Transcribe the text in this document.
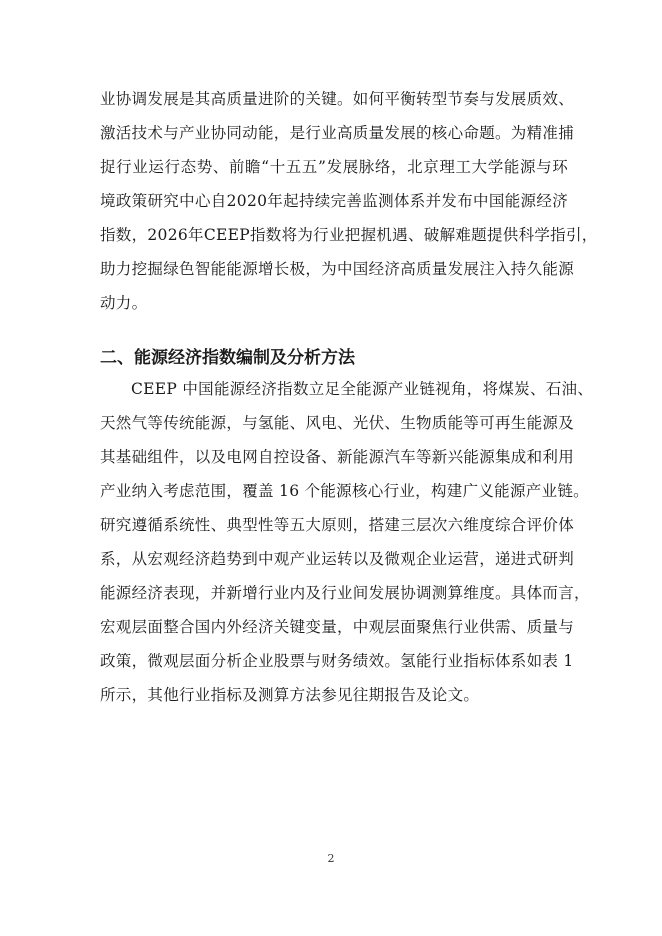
业协调发展是其高质量进阶的关键。如何平衡转型节奏与发展质效、
激活技术与产业协同动能，是行业高质量发展的核心命题。为精准捕
捉行业运行态势、前瞻“十五五”发展脉络，北京理工大学能源与环
境政策研究中心自2020年起持续完善监测体系并发布中国能源经济
指数，2026年CEEP指数将为行业把握机遇、破解难题提供科学指引，
助力挖掘绿色智能能源增长极，为中国经济高质量发展注入持久能源
动力。
二、能源经济指数编制及分析方法
CEEP 中国能源经济指数立足全能源产业链视角，将煤炭、石油、
天然气等传统能源，与氢能、风电、光伏、生物质能等可再生能源及
其基础组件，以及电网自控设备、新能源汽车等新兴能源集成和利用
产业纳入考虑范围，覆盖 16 个能源核心行业，构建广义能源产业链。
研究遵循系统性、典型性等五大原则，搭建三层次六维度综合评价体
系，从宏观经济趋势到中观产业运转以及微观企业运营，递进式研判
能源经济表现，并新增行业内及行业间发展协调测算维度。具体而言，
宏观层面整合国内外经济关键变量，中观层面聚焦行业供需、质量与
政策，微观层面分析企业股票与财务绩效。氢能行业指标体系如表 1
所示，其他行业指标及测算方法参见往期报告及论文。
2
